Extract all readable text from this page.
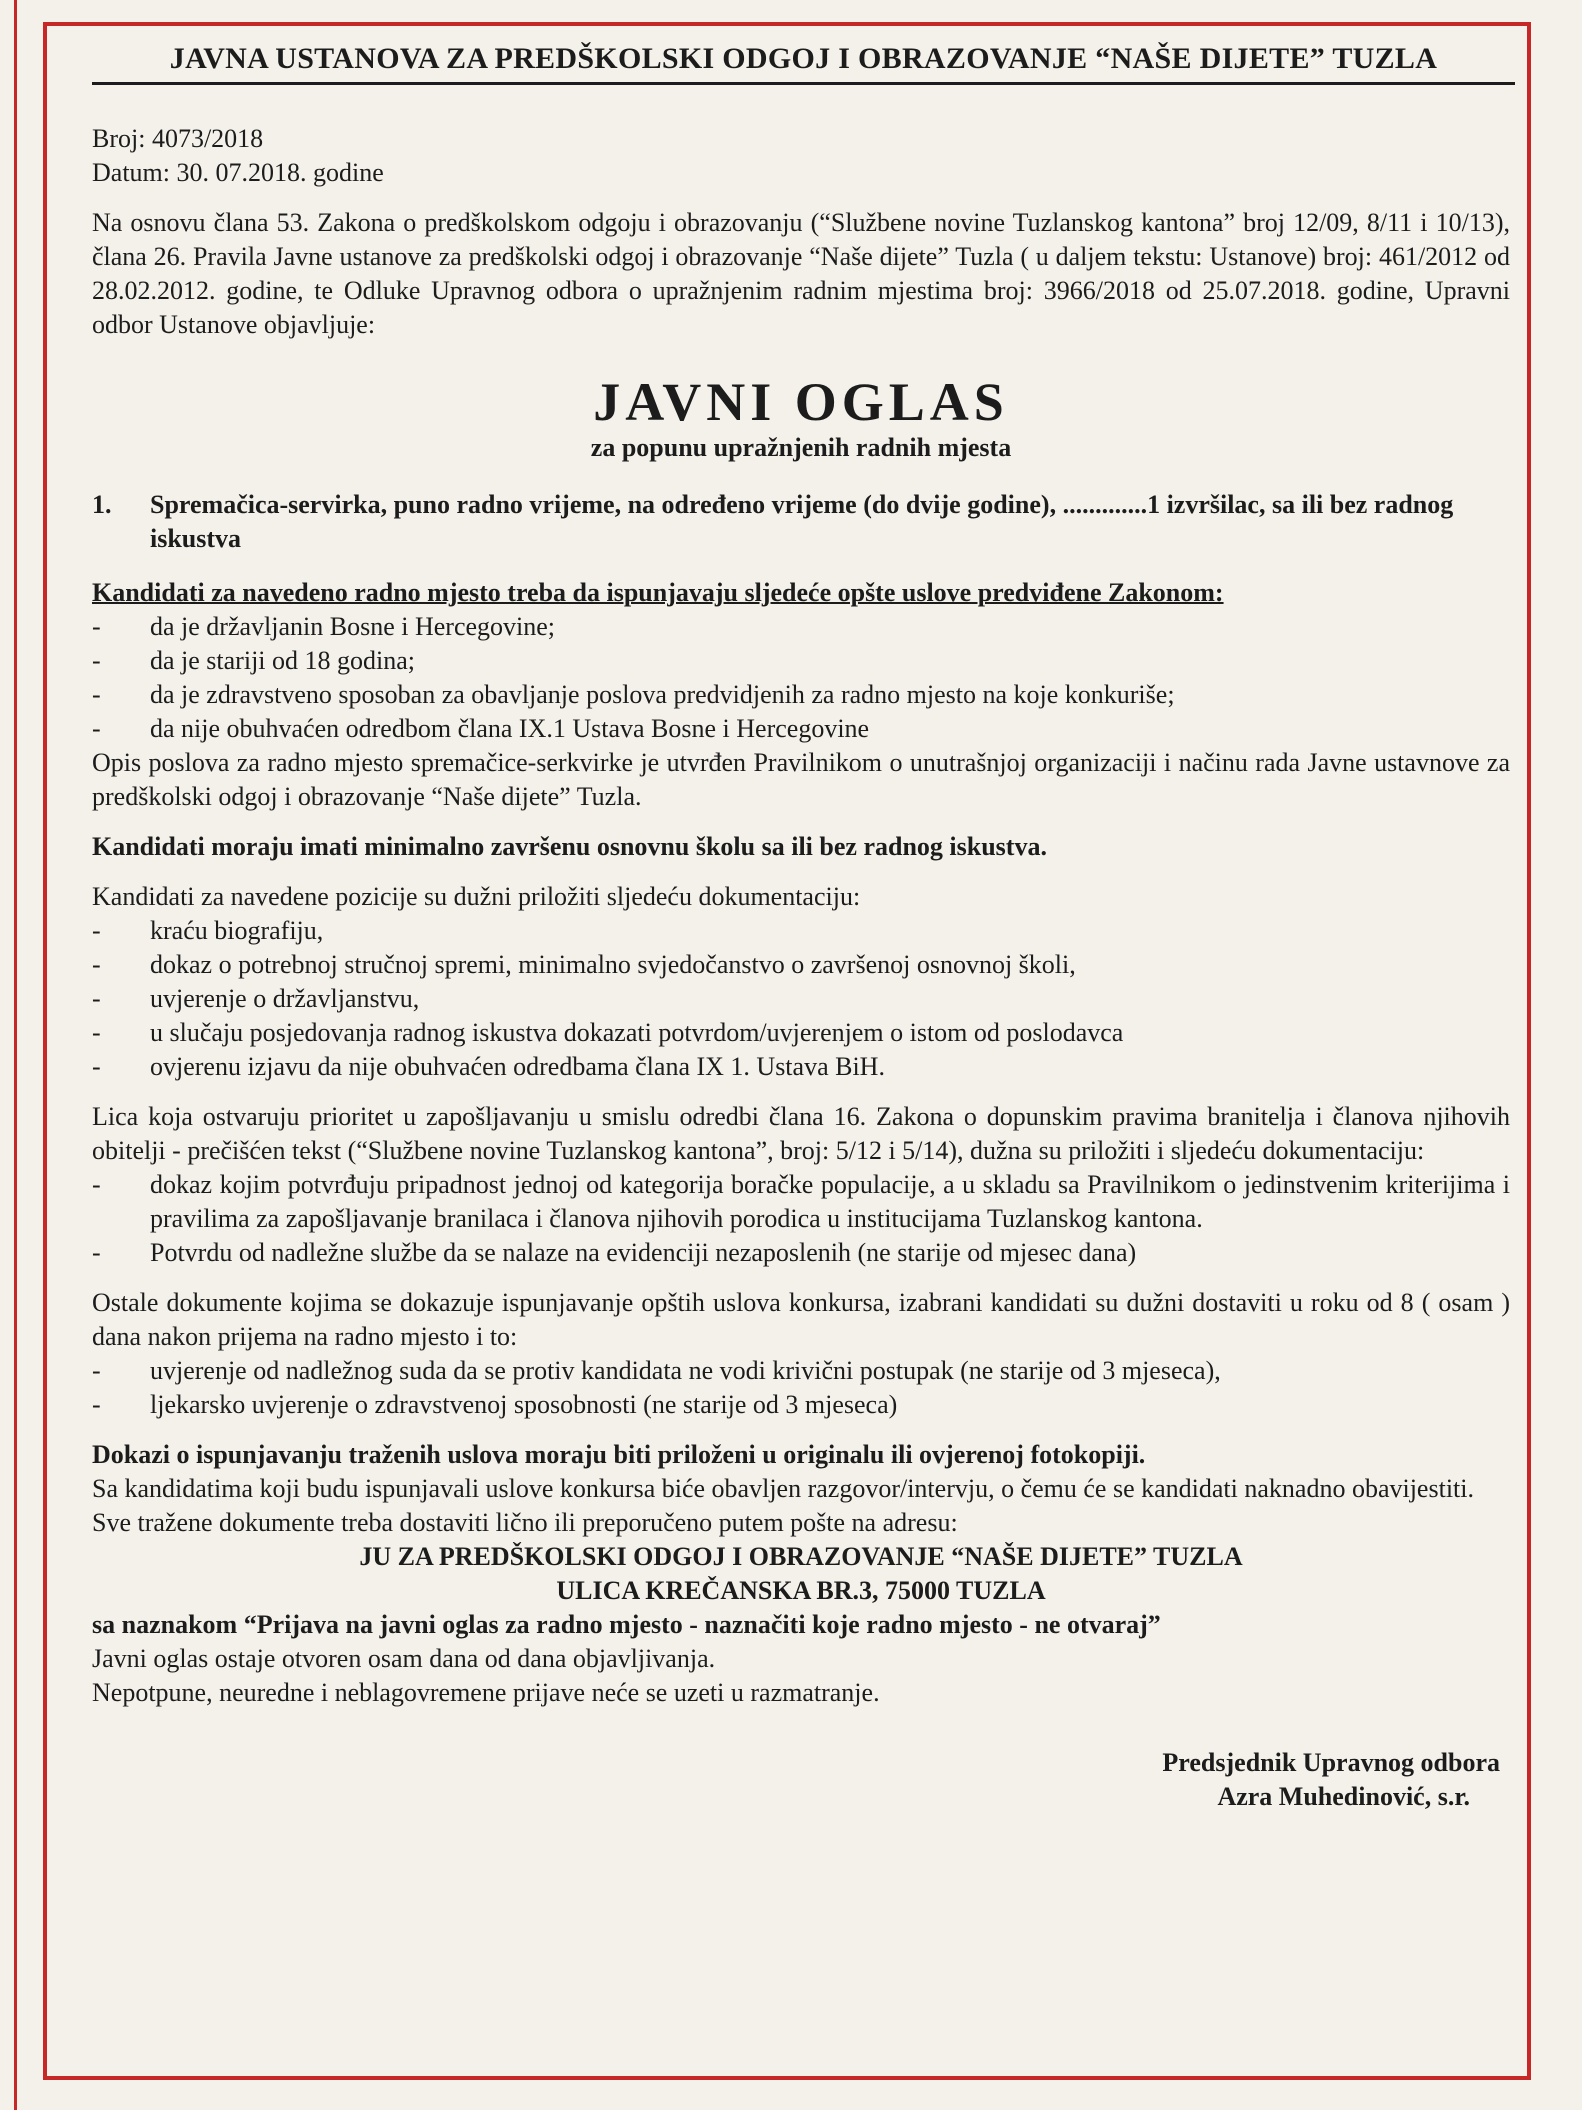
JAVNA USTANOVA ZA PREDŠKOLSKI ODGOJ I OBRAZOVANJE “NAŠE DIJETE” TUZLA

Broj: 4073/2018

Datum: 30. 07.2018. godine

Na osnovu člana 53. Zakona o predškolskom odgoju i obrazovanju (“Službene novine Tuzlanskog kantona” broj 12/09, 8/11 i 10/13), člana 26. Pravila Javne ustanove za predškolski odgoj i obrazovanje “Naše dijete” Tuzla ( u daljem tekstu: Ustanove) broj: 461/2012 od 28.02.2012. godine, te Odluke Upravnog odbora o upražnjenim radnim mjestima broj: 3966/2018 od 25.07.2018. godine, Upravni odbor Ustanove objavljuje:

JAVNI OGLAS
za popunu upražnjenih radnih mjesta
1.	Spremačica-servirka, puno radno vrijeme, na određeno vrijeme (do dvije godine), .............1 izvršilac, sa ili bez radnog iskustva

Kandidati za navedeno radno mjesto treba da ispunjavaju sljedeće opšte uslove predviđene Zakonom:

-	da je državljanin Bosne i Hercegovine;
-	da je stariji od 18 godina;
-	da je zdravstveno sposoban za obavljanje poslova predvidjenih za radno mjesto na koje konkuriše;
-	da nije obuhvaćen odredbom člana IX.1 Ustava Bosne i Hercegovine

Opis poslova za radno mjesto spremačice-serkvirke je utvrđen Pravilnikom o unutrašnjoj organizaciji i načinu rada Javne ustavnove za predškolski odgoj i obrazovanje “Naše dijete” Tuzla.

Kandidati moraju imati minimalno završenu osnovnu školu sa ili bez radnog iskustva.

Kandidati za navedene pozicije su dužni priložiti sljedeću dokumentaciju:

-	kraću biografiju,
-	dokaz o potrebnoj stručnoj spremi, minimalno svjedočanstvo o završenoj osnovnoj školi,
-	uvjerenje o državljanstvu,
-	u slučaju posjedovanja radnog iskustva dokazati potvrdom/uvjerenjem o istom od poslodavca
-	ovjerenu izjavu da nije obuhvaćen odredbama člana IX 1. Ustava BiH.

Lica koja ostvaruju prioritet u zapošljavanju u smislu odredbi člana 16. Zakona o dopunskim pravima branitelja i članova njihovih obitelji - prečišćen tekst (“Službene novine Tuzlanskog kantona”, broj: 5/12 i 5/14), dužna su priložiti i sljedeću dokumentaciju:

-	dokaz kojim potvrđuju pripadnost jednoj od kategorija boračke populacije, a u skladu sa Pravilnikom o jedinstvenim kriterijima i pravilima za zapošljavanje branilaca i članova njihovih porodica u institucijama Tuzlanskog kantona.
-	Potvrdu od nadležne službe da se nalaze na evidenciji nezaposlenih (ne starije od mjesec dana)

Ostale dokumente kojima se dokazuje ispunjavanje opštih uslova konkursa, izabrani kandidati su dužni dostaviti u roku od 8 ( osam ) dana nakon prijema na radno mjesto i to:

-	uvjerenje od nadležnog suda da se protiv kandidata ne vodi krivični postupak (ne starije od 3 mjeseca),
-	ljekarsko uvjerenje o zdravstvenoj sposobnosti (ne starije od 3 mjeseca)

Dokazi o ispunjavanju traženih uslova moraju biti priloženi u originalu ili ovjerenoj fotokopiji.

Sa kandidatima koji budu ispunjavali uslove konkursa biće obavljen razgovor/intervju, o čemu će se kandidati naknadno obavijestiti.

Sve tražene dokumente treba dostaviti lično ili preporučeno putem pošte na adresu:

JU ZA PREDŠKOLSKI ODGOJ I OBRAZOVANJE “NAŠE DIJETE” TUZLA

ULICA KREČANSKA BR.3, 75000 TUZLA

sa naznakom “Prijava na javni oglas za radno mjesto - naznačiti koje radno mjesto - ne otvaraj”

Javni oglas ostaje otvoren osam dana od dana objavljivanja.

Nepotpune, neuredne i neblagovremene prijave neće se uzeti u razmatranje.

Predsjednik Upravnog odbora

Azra Muhedinović, s.r.
